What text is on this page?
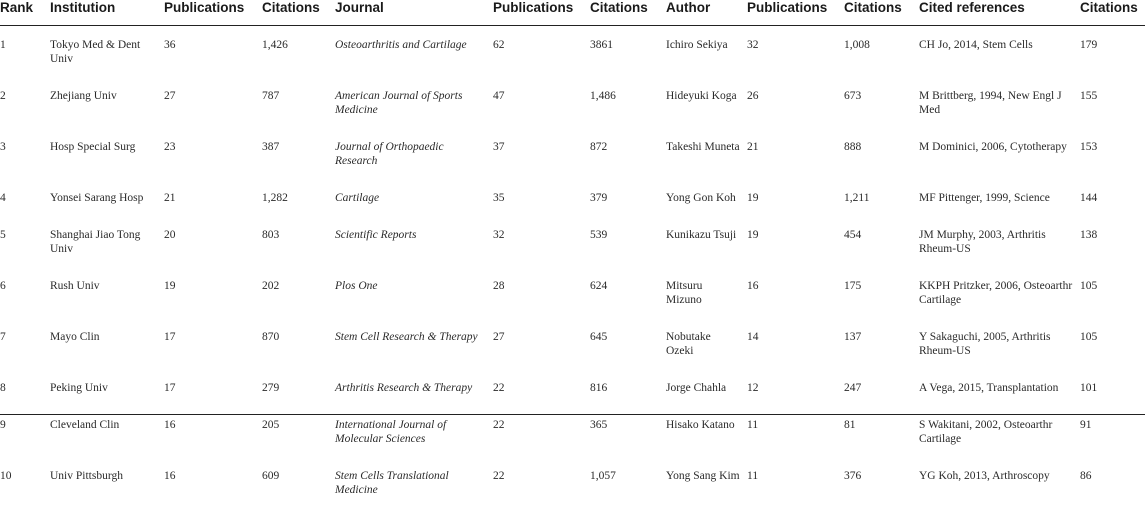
Rank	Institution	Publications	Citations	Journal	Publications	Citations	Author	Publications	Citations	Cited references	Citations
1	Tokyo Med & Dent Univ	36	1,426	Osteoarthritis and Cartilage	62	3861	Ichiro Sekiya	32	1,008	CH Jo, 2014, Stem Cells	179
2	Zhejiang Univ	27	787	American Journal of Sports Medicine	47	1,486	Hideyuki Koga	26	673	M Brittberg, 1994, New Engl J Med	155
3	Hosp Special Surg	23	387	Journal of Orthopaedic Research	37	872	Takeshi Muneta	21	888	M Dominici, 2006, Cytotherapy	153
4	Yonsei Sarang Hosp	21	1,282	Cartilage	35	379	Yong Gon Koh	19	1,211	MF Pittenger, 1999, Science	144
5	Shanghai Jiao Tong Univ	20	803	Scientific Reports	32	539	Kunikazu Tsuji	19	454	JM Murphy, 2003, Arthritis Rheum-US	138
6	Rush Univ	19	202	Plos One	28	624	Mitsuru Mizuno	16	175	KKPH Pritzker, 2006, Osteoarthr Cartilage	105
7	Mayo Clin	17	870	Stem Cell Research & Therapy	27	645	Nobutake Ozeki	14	137	Y Sakaguchi, 2005, Arthritis Rheum-US	105
8	Peking Univ	17	279	Arthritis Research & Therapy	22	816	Jorge Chahla	12	247	A Vega, 2015, Transplantation	101
9	Cleveland Clin	16	205	International Journal of Molecular Sciences	22	365	Hisako Katano	11	81	S Wakitani, 2002, Osteoarthr Cartilage	91
10	Univ Pittsburgh	16	609	Stem Cells Translational Medicine	22	1,057	Yong Sang Kim	11	376	YG Koh, 2013, Arthroscopy	86
